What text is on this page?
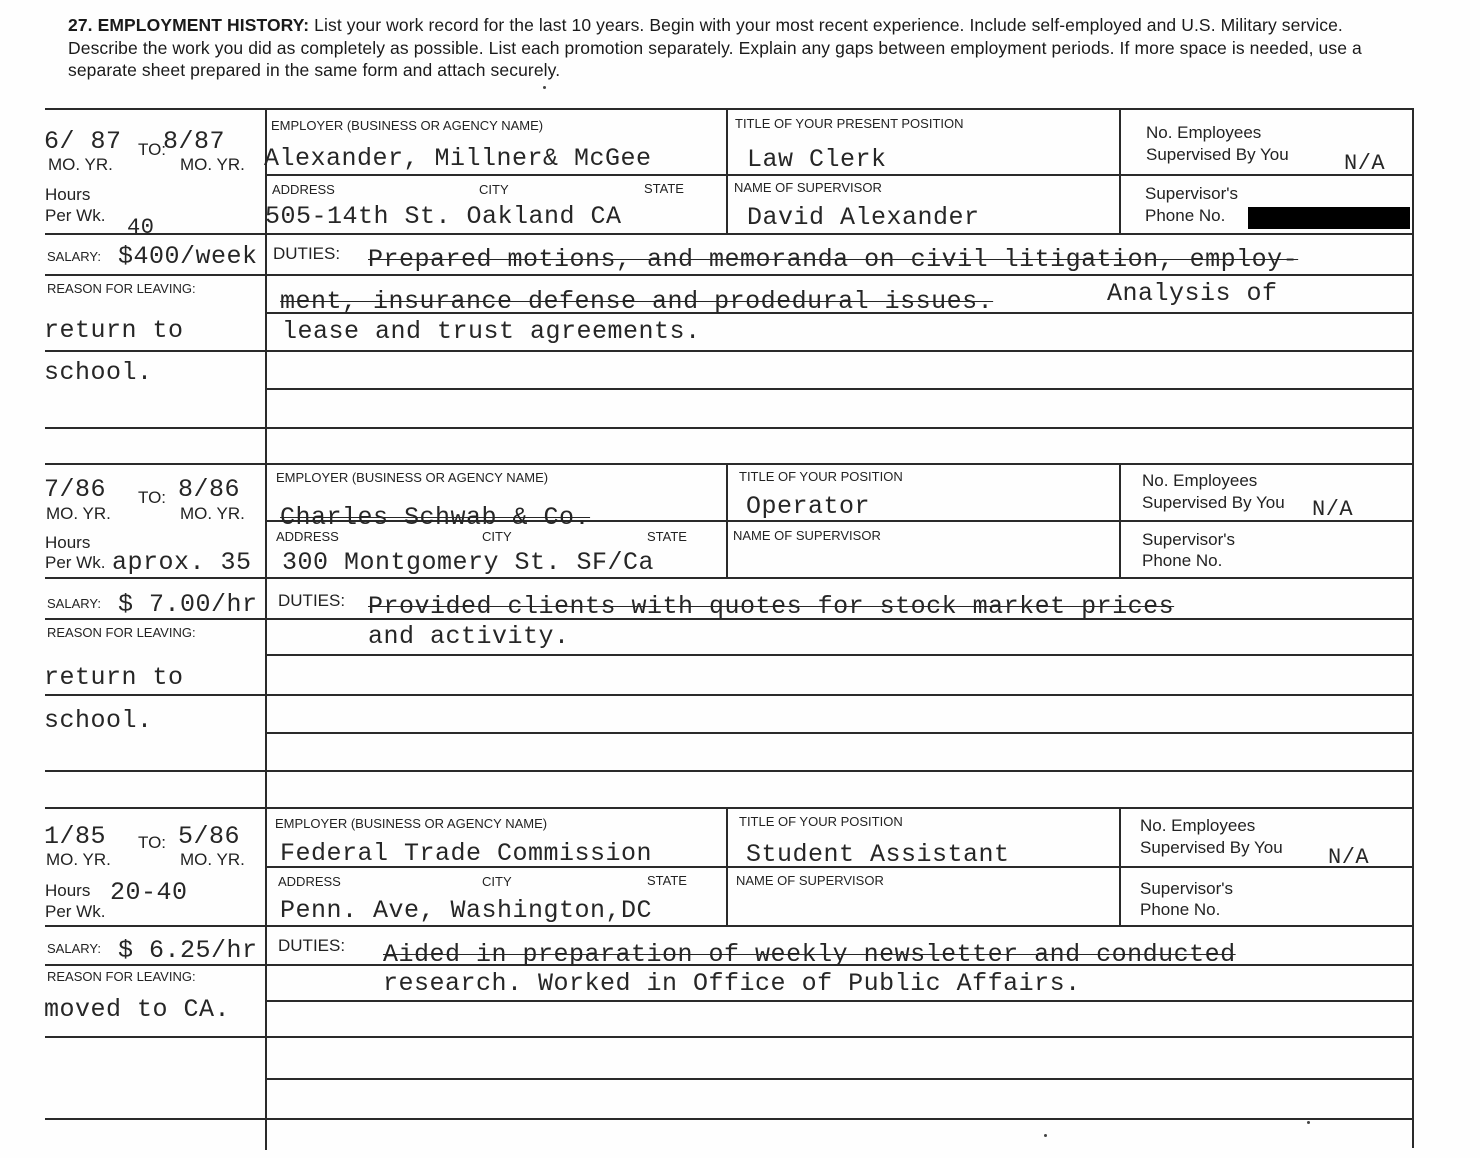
27. EMPLOYMENT HISTORY: List your work record for the last 10 years. Begin with your most recent experience. Include self-employed and U.S. Military service. Describe the work you did as completely as possible. List each promotion separately. Explain any gaps between employment periods. If more space is needed, use a separate sheet prepared in the same form and attach securely.
6/ 87 TO:
8/87
MO. YR.	MO. YR.
Hours
Per Wk. 40
SALARY: $400/week
REASON FOR LEAVING:
return to
school.
EMPLOYER (BUSINESS OR AGENCY NAME)
Alexander, Millner& McGee
TITLE OF YOUR PRESENT POSITION
Law Clerk
No. Employees
Supervised By You	N/A
ADDRESS	CITY	STATE
505-14th St. Oakland CA
NAME OF SUPERVISOR
David Alexander
Supervisor's
Phone No.
DUTIES: Prepared motions, and memoranda on civil litigation, employ-
ment, insurance defense and prodedural issues.	Analysis of
lease and trust agreements.
7/86 TO: 8/86
MO. YR.	MO. YR.
Hours
Per Wk. aprox. 35
SALARY: $ 7.00/hr
REASON FOR LEAVING:
return to
school.
EMPLOYER (BUSINESS OR AGENCY NAME)
Charles Schwab & Co.
TITLE OF YOUR POSITION
Operator
No. Employees
Supervised By You N/A
ADDRESS	CITY	STATE
300 Montgomery St. SF/Ca
NAME OF SUPERVISOR	Supervisor's
Phone No.
DUTIES: Provided clients with quotes for stock market prices
and activity.
1/85 TO: 5/86
MO. YR.	MO. YR.
Hours
Per Wk.
20-40
SALARY: $ 6.25/hr
REASON FOR LEAVING:
moved to CA.
EMPLOYER (BUSINESS OR AGENCY NAME)
Federal Trade Commission
TITLE OF YOUR POSITION
Student Assistant
No. Employees
Supervised By You N/A
ADDRESS	CITY	STATE
Penn. Ave, Washington,DC
NAME OF SUPERVISOR	Supervisor's
Phone No.
DUTIES: Aided in preparation of weekly newsletter and conducted
research. Worked in Office of Public Affairs.
